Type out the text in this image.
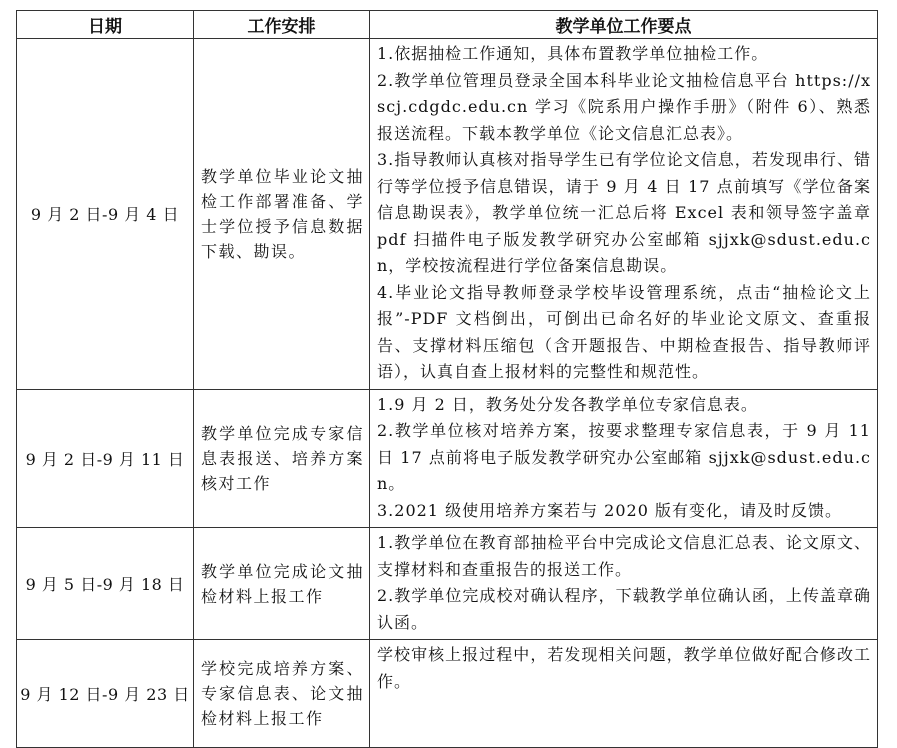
日期	工作安排	教学单位工作要点
9 月 2 日-9 月 4 日	教学单位毕业论文抽检工作部署准备、学士学位授予信息数据下载、勘误。	1.依据抽检工作通知，具体布置教学单位抽检工作。

2.教学单位管理员登录全国本科毕业论文抽检信息平台 https://xscj.cdgdc.edu.cn 学习《院系用户操作手册》（附件 6）、熟悉报送流程。下载本教学单位《论文信息汇总表》。

3.指导教师认真核对指导学生已有学位论文信息，若发现串行、错行等学位授予信息错误，请于 9 月 4 日 17 点前填写《学位备案信息勘误表》，教学单位统一汇总后将 Excel 表和领导签字盖章 pdf 扫描件电子版发教学研究办公室邮箱 sjjxk@sdust.edu.cn，学校按流程进行学位备案信息勘误。

4.毕业论文指导教师登录学校毕设管理系统，点击“抽检论文上报”-PDF 文档倒出，可倒出已命名好的毕业论文原文、查重报告、支撑材料压缩包（含开题报告、中期检查报告、指导教师评语），认真自查上报材料的完整性和规范性。

9 月 2 日-9 月 11 日	教学单位完成专家信息表报送、培养方案核对工作	1.9 月 2 日，教务处分发各教学单位专家信息表。

2.教学单位核对培养方案，按要求整理专家信息表，于 9 月 11 日 17 点前将电子版发教学研究办公室邮箱 sjjxk@sdust.edu.cn。

3.2021 级使用培养方案若与 2020 版有变化，请及时反馈。

9 月 5 日-9 月 18 日	教学单位完成论文抽检材料上报工作	1.教学单位在教育部抽检平台中完成论文信息汇总表、论文原文、支撑材料和查重报告的报送工作。

2.教学单位完成校对确认程序，下载教学单位确认函，上传盖章确认函。

9 月 12 日-9 月 23 日	学校完成培养方案、专家信息表、论文抽检材料上报工作	学校审核上报过程中，若发现相关问题，教学单位做好配合修改工作。
